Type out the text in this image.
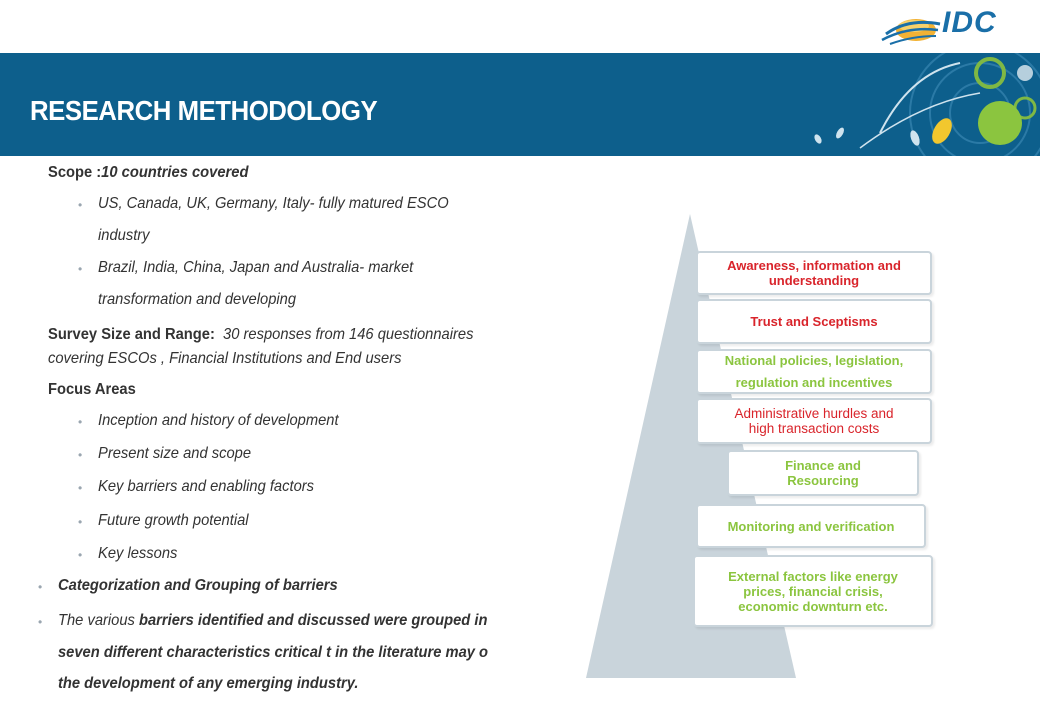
IDC
RESEARCH METHODOLOGY
Scope :10 countries covered
• US, Canada, UK, Germany, Italy- fully matured ESCO
industry
• Brazil, India, China, Japan and Australia- market
transformation and developing
Survey Size and Range: 30 responses from 146 questionnaires
covering ESCOs , Financial Institutions and End users
Focus Areas
• Inception and history of development
• Present size and scope
• Key barriers and enabling factors
• Future growth potential
• Key lessons
• Categorization and Grouping of barriers
• The various barriers identified and discussed were grouped in
seven different characteristics critical t in the literature may o
the development of any emerging industry.
Awareness, information and
understanding
Trust and Sceptisms
National policies, legislation,
regulation and incentives
Administrative hurdles and
high transaction costs
Finance and
Resourcing
Monitoring and verification
External factors like energy
prices, financial crisis,
economic downturn etc.
